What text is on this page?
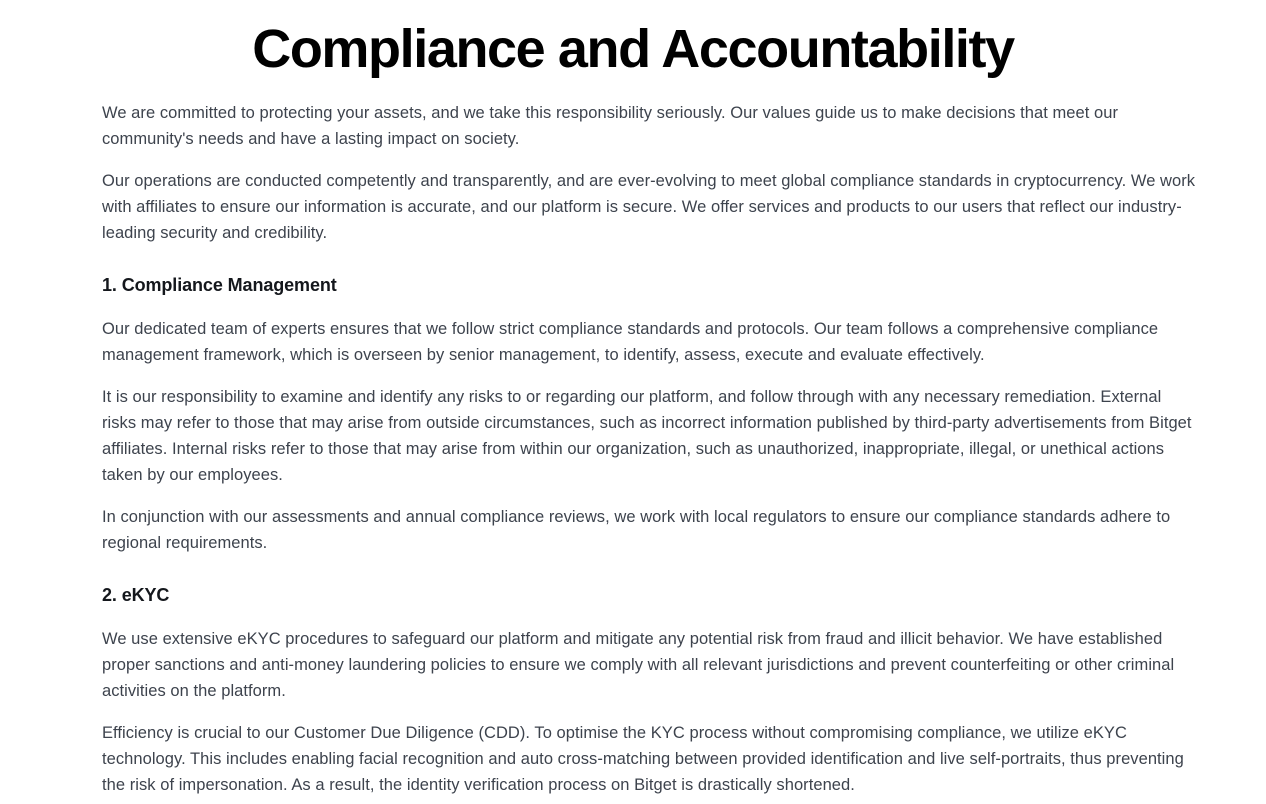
Compliance and Accountability

We are committed to protecting your assets, and we take this responsibility seriously. Our values guide us to make decisions that meet our community's needs and have a lasting impact on society.

Our operations are conducted competently and transparently, and are ever-evolving to meet global compliance standards in cryptocurrency. We work with affiliates to ensure our information is accurate, and our platform is secure. We offer services and products to our users that reflect our industry-leading security and credibility.

1. Compliance Management

Our dedicated team of experts ensures that we follow strict compliance standards and protocols. Our team follows a comprehensive compliance management framework, which is overseen by senior management, to identify, assess, execute and evaluate effectively.

It is our responsibility to examine and identify any risks to or regarding our platform, and follow through with any necessary remediation. External risks may refer to those that may arise from outside circumstances, such as incorrect information published by third-party advertisements from Bitget affiliates. Internal risks refer to those that may arise from within our organization, such as unauthorized, inappropriate, illegal, or unethical actions taken by our employees.

In conjunction with our assessments and annual compliance reviews, we work with local regulators to ensure our compliance standards adhere to regional requirements.

2. eKYC

We use extensive eKYC procedures to safeguard our platform and mitigate any potential risk from fraud and illicit behavior. We have established proper sanctions and anti-money laundering policies to ensure we comply with all relevant jurisdictions and prevent counterfeiting or other criminal activities on the platform.

Efficiency is crucial to our Customer Due Diligence (CDD). To optimise the KYC process without compromising compliance, we utilize eKYC technology. This includes enabling facial recognition and auto cross-matching between provided identification and live self-portraits, thus preventing the risk of impersonation. As a result, the identity verification process on Bitget is drastically shortened.
